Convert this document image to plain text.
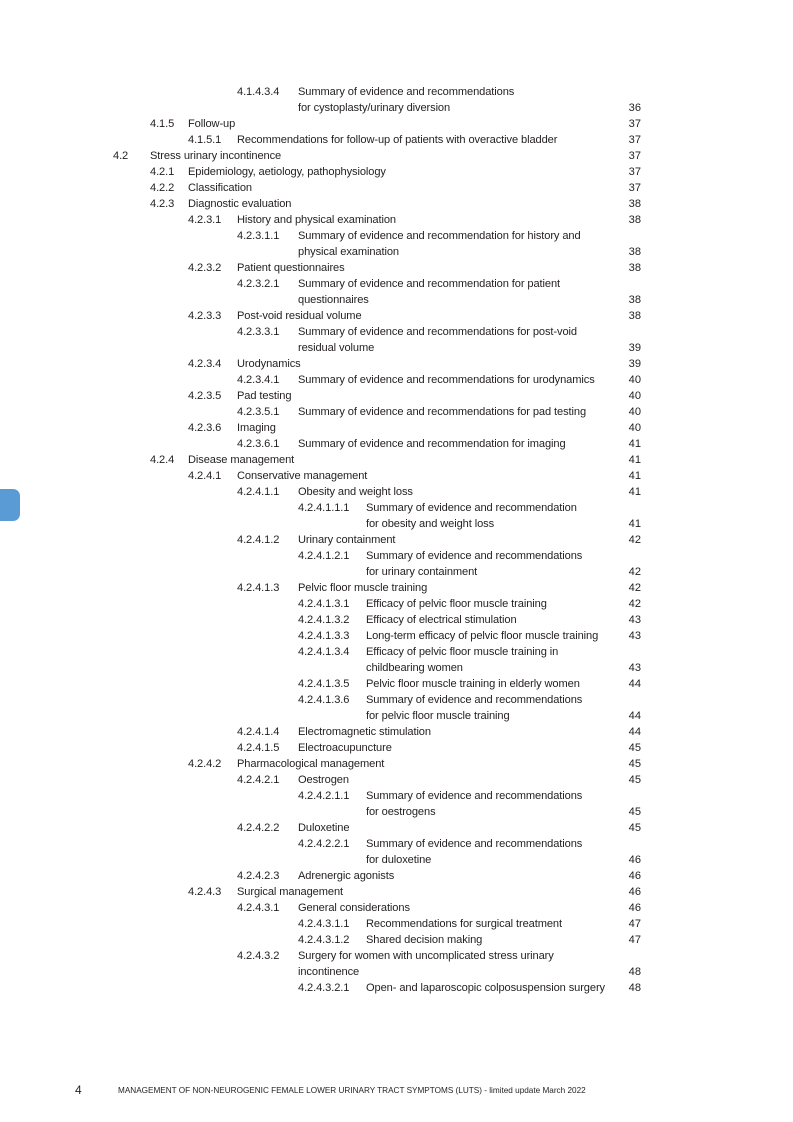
4.1.4.3.4 Summary of evidence and recommendations
for cystoplasty/urinary diversion	36
4.1.5 Follow-up	37
4.1.5.1 Recommendations for follow-up of patients with overactive bladder	37
4.2 Stress urinary incontinence	37
4.2.1 Epidemiology, aetiology, pathophysiology	37
4.2.2 Classification	37
4.2.3 Diagnostic evaluation	38
4.2.3.1 History and physical examination	38
4.2.3.1.1 Summary of evidence and recommendation for history and
physical examination	38
4.2.3.2 Patient questionnaires	38
4.2.3.2.1 Summary of evidence and recommendation for patient
questionnaires	38
4.2.3.3 Post-void residual volume	38
4.2.3.3.1 Summary of evidence and recommendations for post-void
residual volume	39
4.2.3.4 Urodynamics	39
4.2.3.4.1 Summary of evidence and recommendations for urodynamics	40
4.2.3.5 Pad testing	40
4.2.3.5.1 Summary of evidence and recommendations for pad testing	40
4.2.3.6 Imaging	40
4.2.3.6.1 Summary of evidence and recommendation for imaging	41
4.2.4 Disease management	41
4.2.4.1 Conservative management	41
4.2.4.1.1 Obesity and weight loss	41
4.2.4.1.1.1 Summary of evidence and recommendation
for obesity and weight loss	41
4.2.4.1.2 Urinary containment	42
4.2.4.1.2.1 Summary of evidence and recommendations
for urinary containment	42
4.2.4.1.3 Pelvic floor muscle training	42
4.2.4.1.3.1 Efficacy of pelvic floor muscle training	42
4.2.4.1.3.2 Efficacy of electrical stimulation	43
4.2.4.1.3.3 Long-term efficacy of pelvic floor muscle training	43
4.2.4.1.3.4 Efficacy of pelvic floor muscle training in
childbearing women	43
4.2.4.1.3.5 Pelvic floor muscle training in elderly women	44
4.2.4.1.3.6 Summary of evidence and recommendations
for pelvic floor muscle training	44
4.2.4.1.4 Electromagnetic stimulation	44
4.2.4.1.5 Electroacupuncture	45
4.2.4.2 Pharmacological management	45
4.2.4.2.1 Oestrogen	45
4.2.4.2.1.1 Summary of evidence and recommendations
for oestrogens	45
4.2.4.2.2 Duloxetine	45
4.2.4.2.2.1 Summary of evidence and recommendations
for duloxetine	46
4.2.4.2.3 Adrenergic agonists	46
4.2.4.3 Surgical management	46
4.2.4.3.1 General considerations	46
4.2.4.3.1.1 Recommendations for surgical treatment	47
4.2.4.3.1.2 Shared decision making	47
4.2.4.3.2 Surgery for women with uncomplicated stress urinary
incontinence	48
4.2.4.3.2.1 Open- and laparoscopic colposuspension surgery	48
4	MANAGEMENT OF NON-NEUROGENIC FEMALE LOWER URINARY TRACT SYMPTOMS (LUTS) - limited update March 2022
